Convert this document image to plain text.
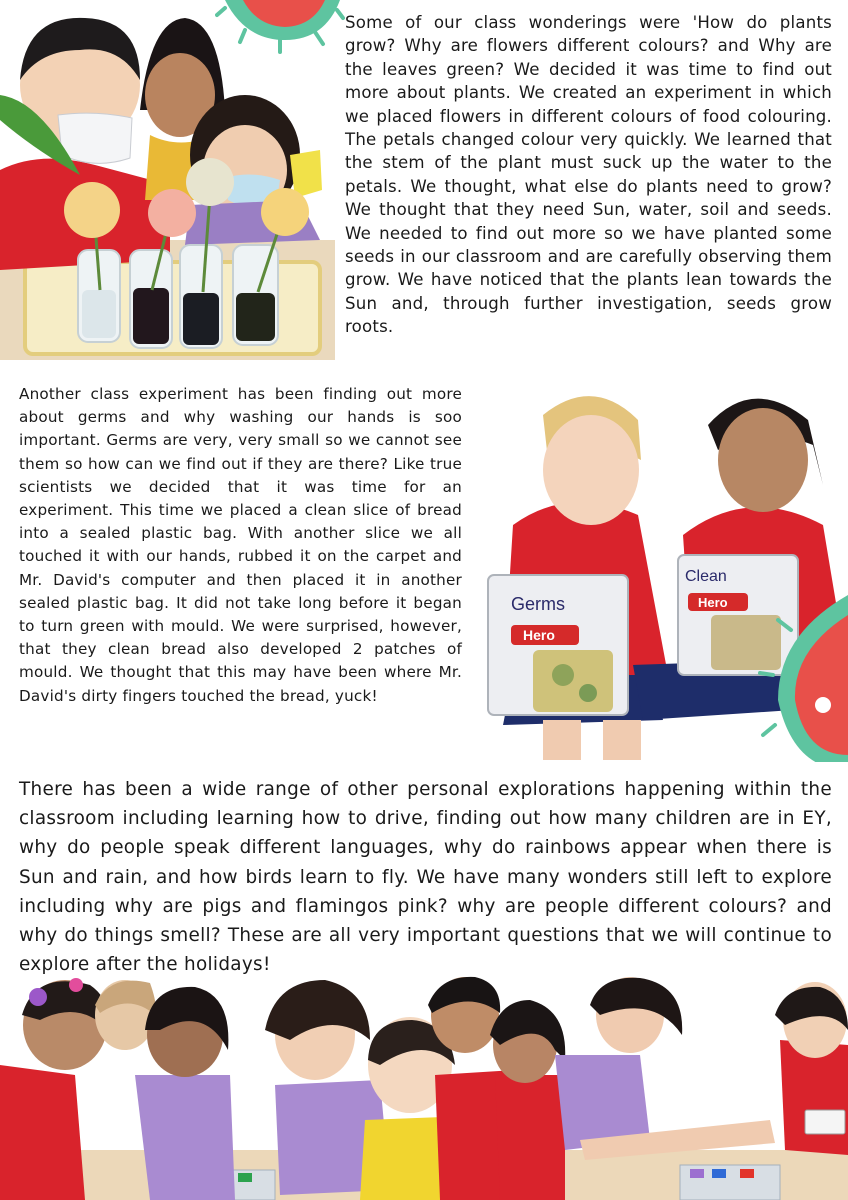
Some of our class wonderings were 'How do plants grow? Why are flowers different colours? and Why are the leaves green? We decided it was time to find out more about plants. We created an experiment in which we placed flowers in different colours of food colouring. The petals changed colour very quickly. We learned that the stem of the plant must suck up the water to the petals. We thought, what else do plants need to grow? We thought that they need Sun, water, soil and seeds. We needed to find out more so we have planted some seeds in our classroom and are carefully observing them grow. We have noticed that the plants lean towards the Sun and, through further investigation, seeds grow roots.

Another class experiment has been finding out more about germs and why washing our hands is soo important. Germs are very, very small so we cannot see them so how can we find out if they are there? Like true scientists we decided that it was time for an experiment. This time we placed a clean slice of bread into a sealed plastic bag. With another slice we all touched it with our hands, rubbed it on the carpet and Mr. David's computer and then placed it in another sealed plastic bag. It did not take long before it began to turn green with mould. We were surprised, however, that they clean bread also developed 2 patches of mould. We thought that this may have been where Mr. David's dirty fingers touched the bread, yuck!

Germs
Hero
Clean
Hero

There has been a wide range of other personal explorations happening within the classroom including learning how to drive, finding out how many children are in EY, why do people speak different languages, why do rainbows appear when there is Sun and rain, and how birds learn to fly. We have many wonders still left to explore including why are pigs and flamingos pink? why are people different colours? and why do things smell? These are all very important questions that we will continue to explore after the holidays!
